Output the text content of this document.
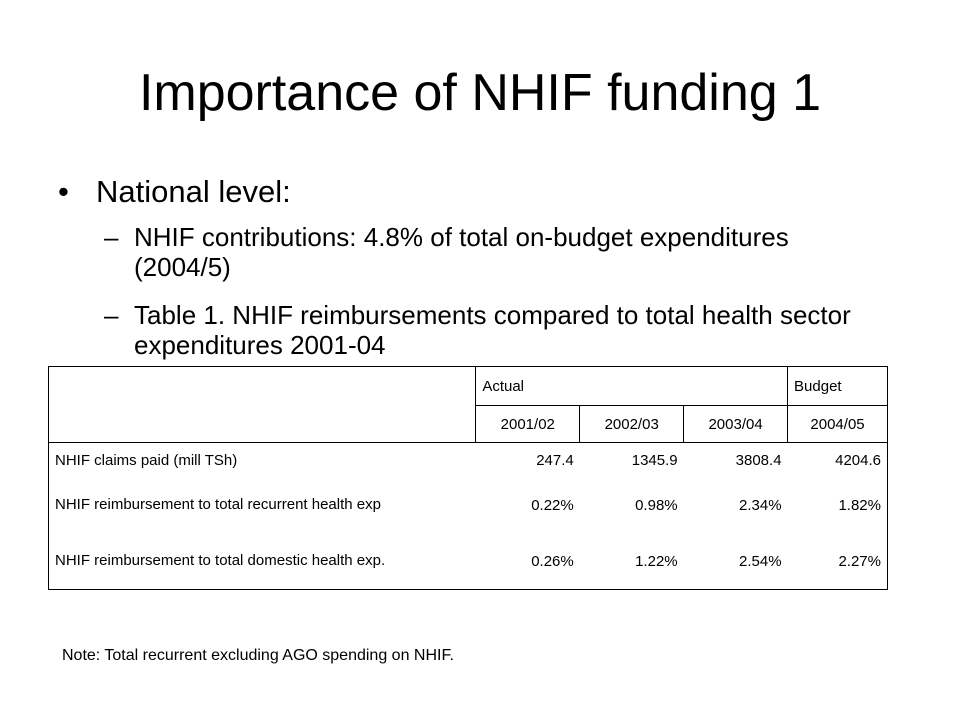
Importance of NHIF funding 1
• National level:
– NHIF contributions: 4.8% of total on-budget expenditures (2004/5)
– Table 1. NHIF reimbursements compared to total health sector expenditures 2001-04
	Actual			Budget
	2001/02	2002/03	2003/04	2004/05
NHIF claims paid (mill TSh)	247.4	1345.9	3808.4	4204.6
NHIF reimbursement to total recurrent health exp	0.22%	0.98%	2.34%	1.82%
NHIF reimbursement to total domestic health exp.	0.26%	1.22%	2.54%	2.27%
Note: Total recurrent excluding AGO spending on NHIF.
